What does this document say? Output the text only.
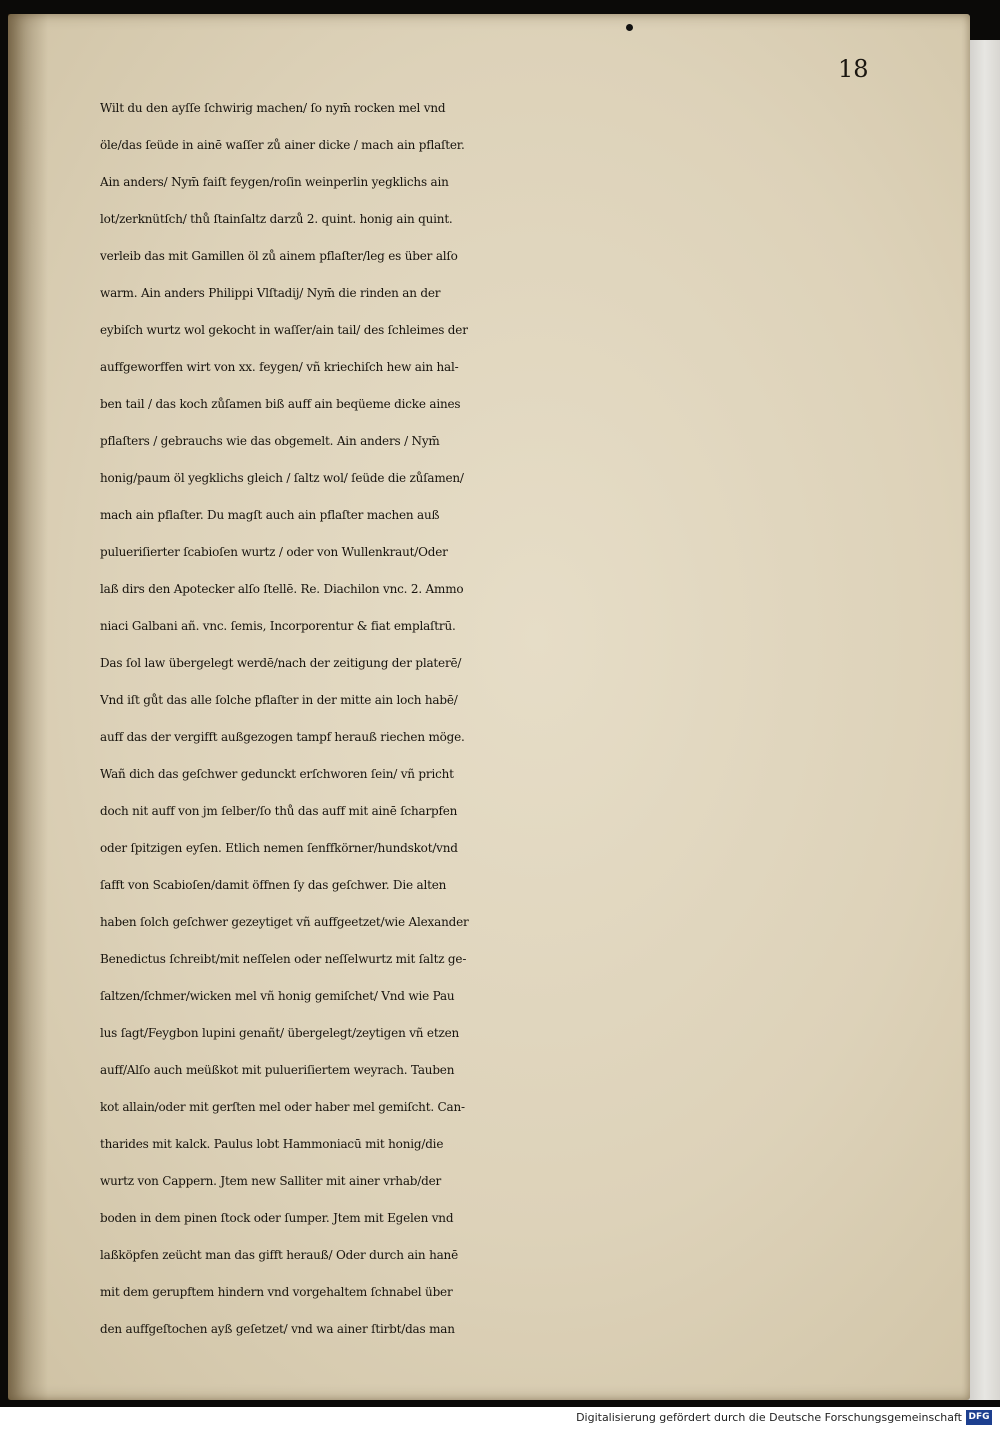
18
Wilt du den ayſſe ſchwirig machen/ ſo nym̄ rocken mel vnd
öle/das ſeüde in ainē waſſer zů ainer dicke / mach ain pflaſter.
Ain anders/ Nym̄ faiſt feygen/roſin weinperlin yegklichs ain
lot/zerknütſch/ thů ſtainſaltz darzů 2. quint. honig ain quint.
verleib das mit Gamillen öl zů ainem pflaſter/leg es über alſo
warm. Ain anders Philippi Vlſtadij/ Nym̄ die rinden an der
eybiſch wurtz wol gekocht in waſſer/ain tail/ des ſchleimes der
auffgeworffen wirt von xx. feygen/ vñ kriechiſch hew ain hal-
ben tail / das koch zůſamen biß auff ain beqüeme dicke aines
pflaſters / gebrauchs wie das obgemelt. Ain anders / Nym̄
honig/paum öl yegklichs gleich / ſaltz wol/ ſeüde die zůſamen/
mach ain pflaſter. Du magſt auch ain pflaſter machen auß
pulueriſierter ſcabioſen wurtz / oder von Wullenkraut/Oder
laß dirs den Apotecker alſo ſtellē. Re. Diachilon vnc. 2. Ammo
niaci Galbani añ. vnc. ſemis, Incorporentur & fiat emplaſtrū.
Das ſol law übergelegt werdē/nach der zeitigung der platerē/
Vnd iſt gůt das alle ſolche pflaſter in der mitte ain loch habē/
auff das der vergifft außgezogen tampf herauß riechen möge.
Wañ dich das geſchwer gedunckt erſchworen ſein/ vñ pricht
doch nit auff von jm ſelber/ſo thů das auff mit ainē ſcharpfen
oder ſpitzigen eyſen. Etlich nemen ſenffkörner/hundskot/vnd
ſafft von Scabioſen/damit öffnen ſy das geſchwer. Die alten
haben ſolch geſchwer gezeytiget vñ auffgeetzet/wie Alexander
Benedictus ſchreibt/mit neſſelen oder neſſelwurtz mit ſaltz ge-
ſaltzen/ſchmer/wicken mel vñ honig gemiſchet/ Vnd wie Pau
lus ſagt/Feygbon lupini genañt/ übergelegt/zeytigen vñ etzen
auff/Alſo auch meüßkot mit pulueriſiertem weyrach. Tauben
kot allain/oder mit gerſten mel oder haber mel gemiſcht. Can-
tharides mit kalck. Paulus lobt Hammoniacū mit honig/die
wurtz von Cappern. Jtem new Salliter mit ainer vrhab/der
boden in dem pinen ſtock oder ſumper. Jtem mit Egelen vnd
laßköpfen zeücht man das gifft herauß/ Oder durch ain hanē
mit dem gerupftem hindern vnd vorgehaltem ſchnabel über
den auffgeſtochen ayß geſetzet/ vnd wa ainer ſtirbt/das man
Digitalisierung gefördert durch die Deutsche Forschungsgemeinschaft DFG
